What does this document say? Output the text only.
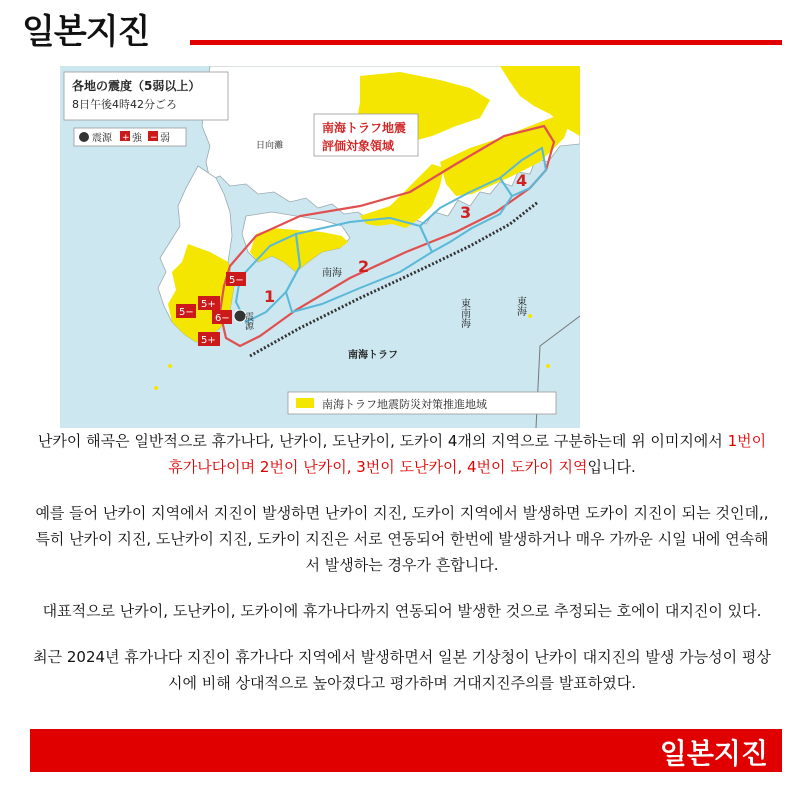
일본지진
各地の震度（5弱以上）
8日午後4時42分ごろ
震源 + 強 − 弱
南海トラフ地震
評価対象領域
日向灘
南海
南海トラフ
東南海	東海
1
2
3
4
5−
5+
5−
6−
5+
震源
南海トラフ地震防災対策推進地域

난카이 해곡은 일반적으로 휴가나다, 난카이, 도난카이, 도카이 4개의 지역으로 구분하는데 위 이미지에서 1번이 휴가나다이며 2번이 난카이, 3번이 도난카이, 4번이 도카이 지역입니다.

예를 들어 난카이 지역에서 지진이 발생하면 난카이 지진, 도카이 지역에서 발생하면 도카이 지진이 되는 것인데,, 특히 난카이 지진, 도난카이 지진, 도카이 지진은 서로 연동되어 한번에 발생하거나 매우 가까운 시일 내에 연속해서 발생하는 경우가 흔합니다.

대표적으로 난카이, 도난카이, 도카이에 휴가나다까지 연동되어 발생한 것으로 추정되는 호에이 대지진이 있다.

최근 2024년 휴가나다 지진이 휴가나다 지역에서 발생하면서 일본 기상청이 난카이 대지진의 발생 가능성이 평상시에 비해 상대적으로 높아졌다고 평가하며 거대지진주의를 발표하였다.

일본지진
